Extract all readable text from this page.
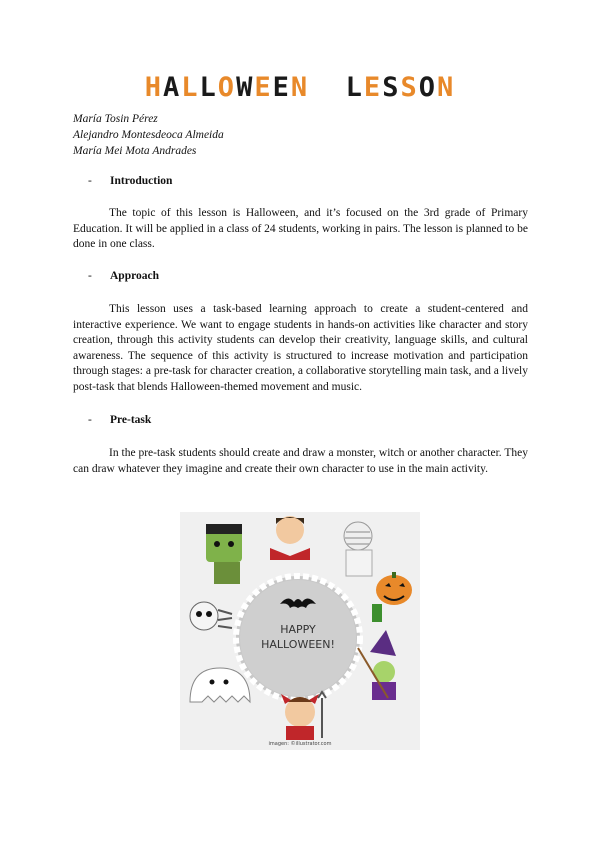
HALLOWEEN LESSON
María Tosin Pérez
Alejandro Montesdeoca Almeida
María Mei Mota Andrades
- Introduction

The topic of this lesson is Halloween, and it’s focused on the 3rd grade of Primary Education. It will be applied in a class of 24 students, working in pairs. The lesson is planned to be done in one class.

- Approach

This lesson uses a task-based learning approach to create a student-centered and interactive experience. We want to engage students in hands-on activities like character and story creation, through this activity students can develop their creativity, language skills, and cultural awareness. The sequence of this activity is structured to increase motivation and participation through stages: a pre-task for character creation, a collaborative storytelling main task, and a lively post-task that blends Halloween-themed movement and music.

- Pre-task

In the pre-task students should create and draw a monster, witch or another character. They can draw whatever they imagine and create their own character to use in the main activity.

HAPPY
HALLOWEEN!
imagen: ©illustrator.com
